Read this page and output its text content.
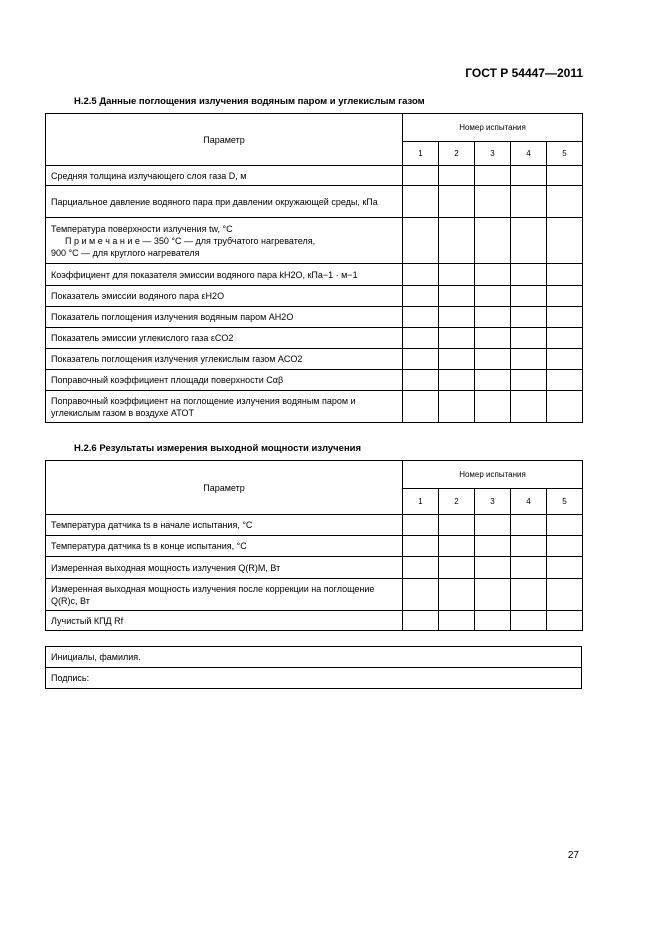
ГОСТ Р 54447—2011
Н.2.5 Данные поглощения излучения водяным паром и углекислым газом
Параметр	Номер испытания				
	1	2	3	4	5
Средняя толщина излучающего слоя газа D, м					
Парциальное давление водяного пара при давлении окружающей среды, кПа					

Температура поверхности излучения tw, °С
П р и м е ч а н и е — 350 °С — для трубчатого нагревателя,
900 °С — для круглого нагревателя					

Коэффициент для показателя эмиссии водяного пара kH2O, кПа−1 · м−1					
Показатель эмиссии водяного пара εH2O					
Показатель поглощения излучения водяным паром AH2O					
Показатель эмиссии углекислого газа εCO2					
Показатель поглощения излучения углекислым газом ACO2					
Поправочный коэффициент площади поверхности Cαβ					
Поправочный коэффициент на поглощение излучения водяным паром и углекислым газом в воздухе ATOT					
Н.2.6 Результаты измерения выходной мощности излучения
Параметр	Номер испытания				
	1	2	3	4	5
Температура датчика ts в начале испытания, °С					
Температура датчика ts в конце испытания, °С					
Измеренная выходная мощность излучения Q(R)M, Вт					
Измеренная выходная мощность излучения после коррекции на поглощение Q(R)c, Вт					
Лучистый КПД Rf					
Инициалы, фамилия.
Подпись:
27
